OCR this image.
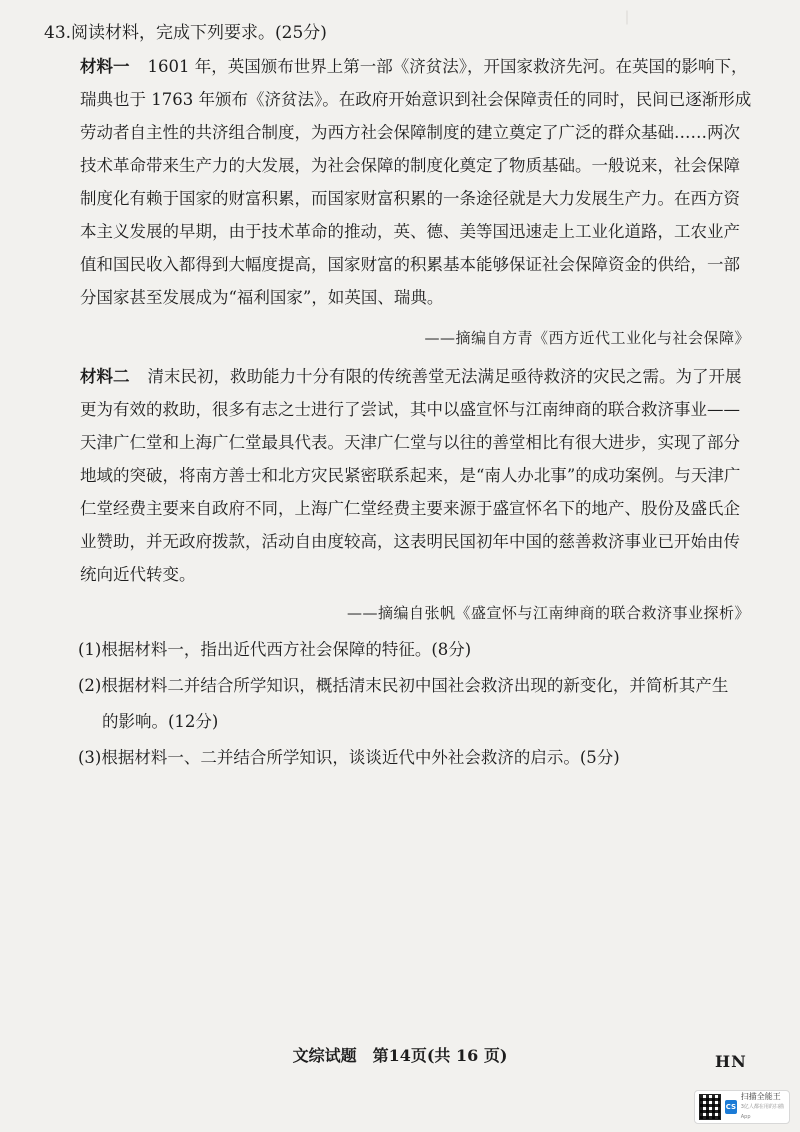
｜
43.阅读材料，完成下列要求。(25分)
材料一 1601 年，英国颁布世界上第一部《济贫法》，开国家救济先河。在英国的影响下，瑞典也于 1763 年颁布《济贫法》。在政府开始意识到社会保障责任的同时，民间已逐渐形成劳动者自主性的共济组合制度，为西方社会保障制度的建立奠定了广泛的群众基础……两次技术革命带来生产力的大发展，为社会保障的制度化奠定了物质基础。一般说来，社会保障制度化有赖于国家的财富积累，而国家财富积累的一条途径就是大力发展生产力。在西方资本主义发展的早期，由于技术革命的推动，英、德、美等国迅速走上工业化道路，工农业产值和国民收入都得到大幅度提高，国家财富的积累基本能够保证社会保障资金的供给，一部分国家甚至发展成为“福利国家”，如英国、瑞典。
——摘编自方青《西方近代工业化与社会保障》
材料二 清末民初，救助能力十分有限的传统善堂无法满足亟待救济的灾民之需。为了开展更为有效的救助，很多有志之士进行了尝试，其中以盛宣怀与江南绅商的联合救济事业——天津广仁堂和上海广仁堂最具代表。天津广仁堂与以往的善堂相比有很大进步，实现了部分地域的突破，将南方善士和北方灾民紧密联系起来，是“南人办北事”的成功案例。与天津广仁堂经费主要来自政府不同，上海广仁堂经费主要来源于盛宣怀名下的地产、股份及盛氏企业赞助，并无政府拨款，活动自由度较高，这表明民国初年中国的慈善救济事业已开始由传统向近代转变。
——摘编自张帆《盛宣怀与江南绅商的联合救济事业探析》
(1)根据材料一，指出近代西方社会保障的特征。(8分)
(2)根据材料二并结合所学知识，概括清末民初中国社会救济出现的新变化，并简析其产生
的影响。(12分)
(3)根据材料一、二并结合所学知识，谈谈近代中外社会救济的启示。(5分)
文综试题　第14页(共 16 页)	HN
CS
扫描全能王
3亿人都在用的扫描App
